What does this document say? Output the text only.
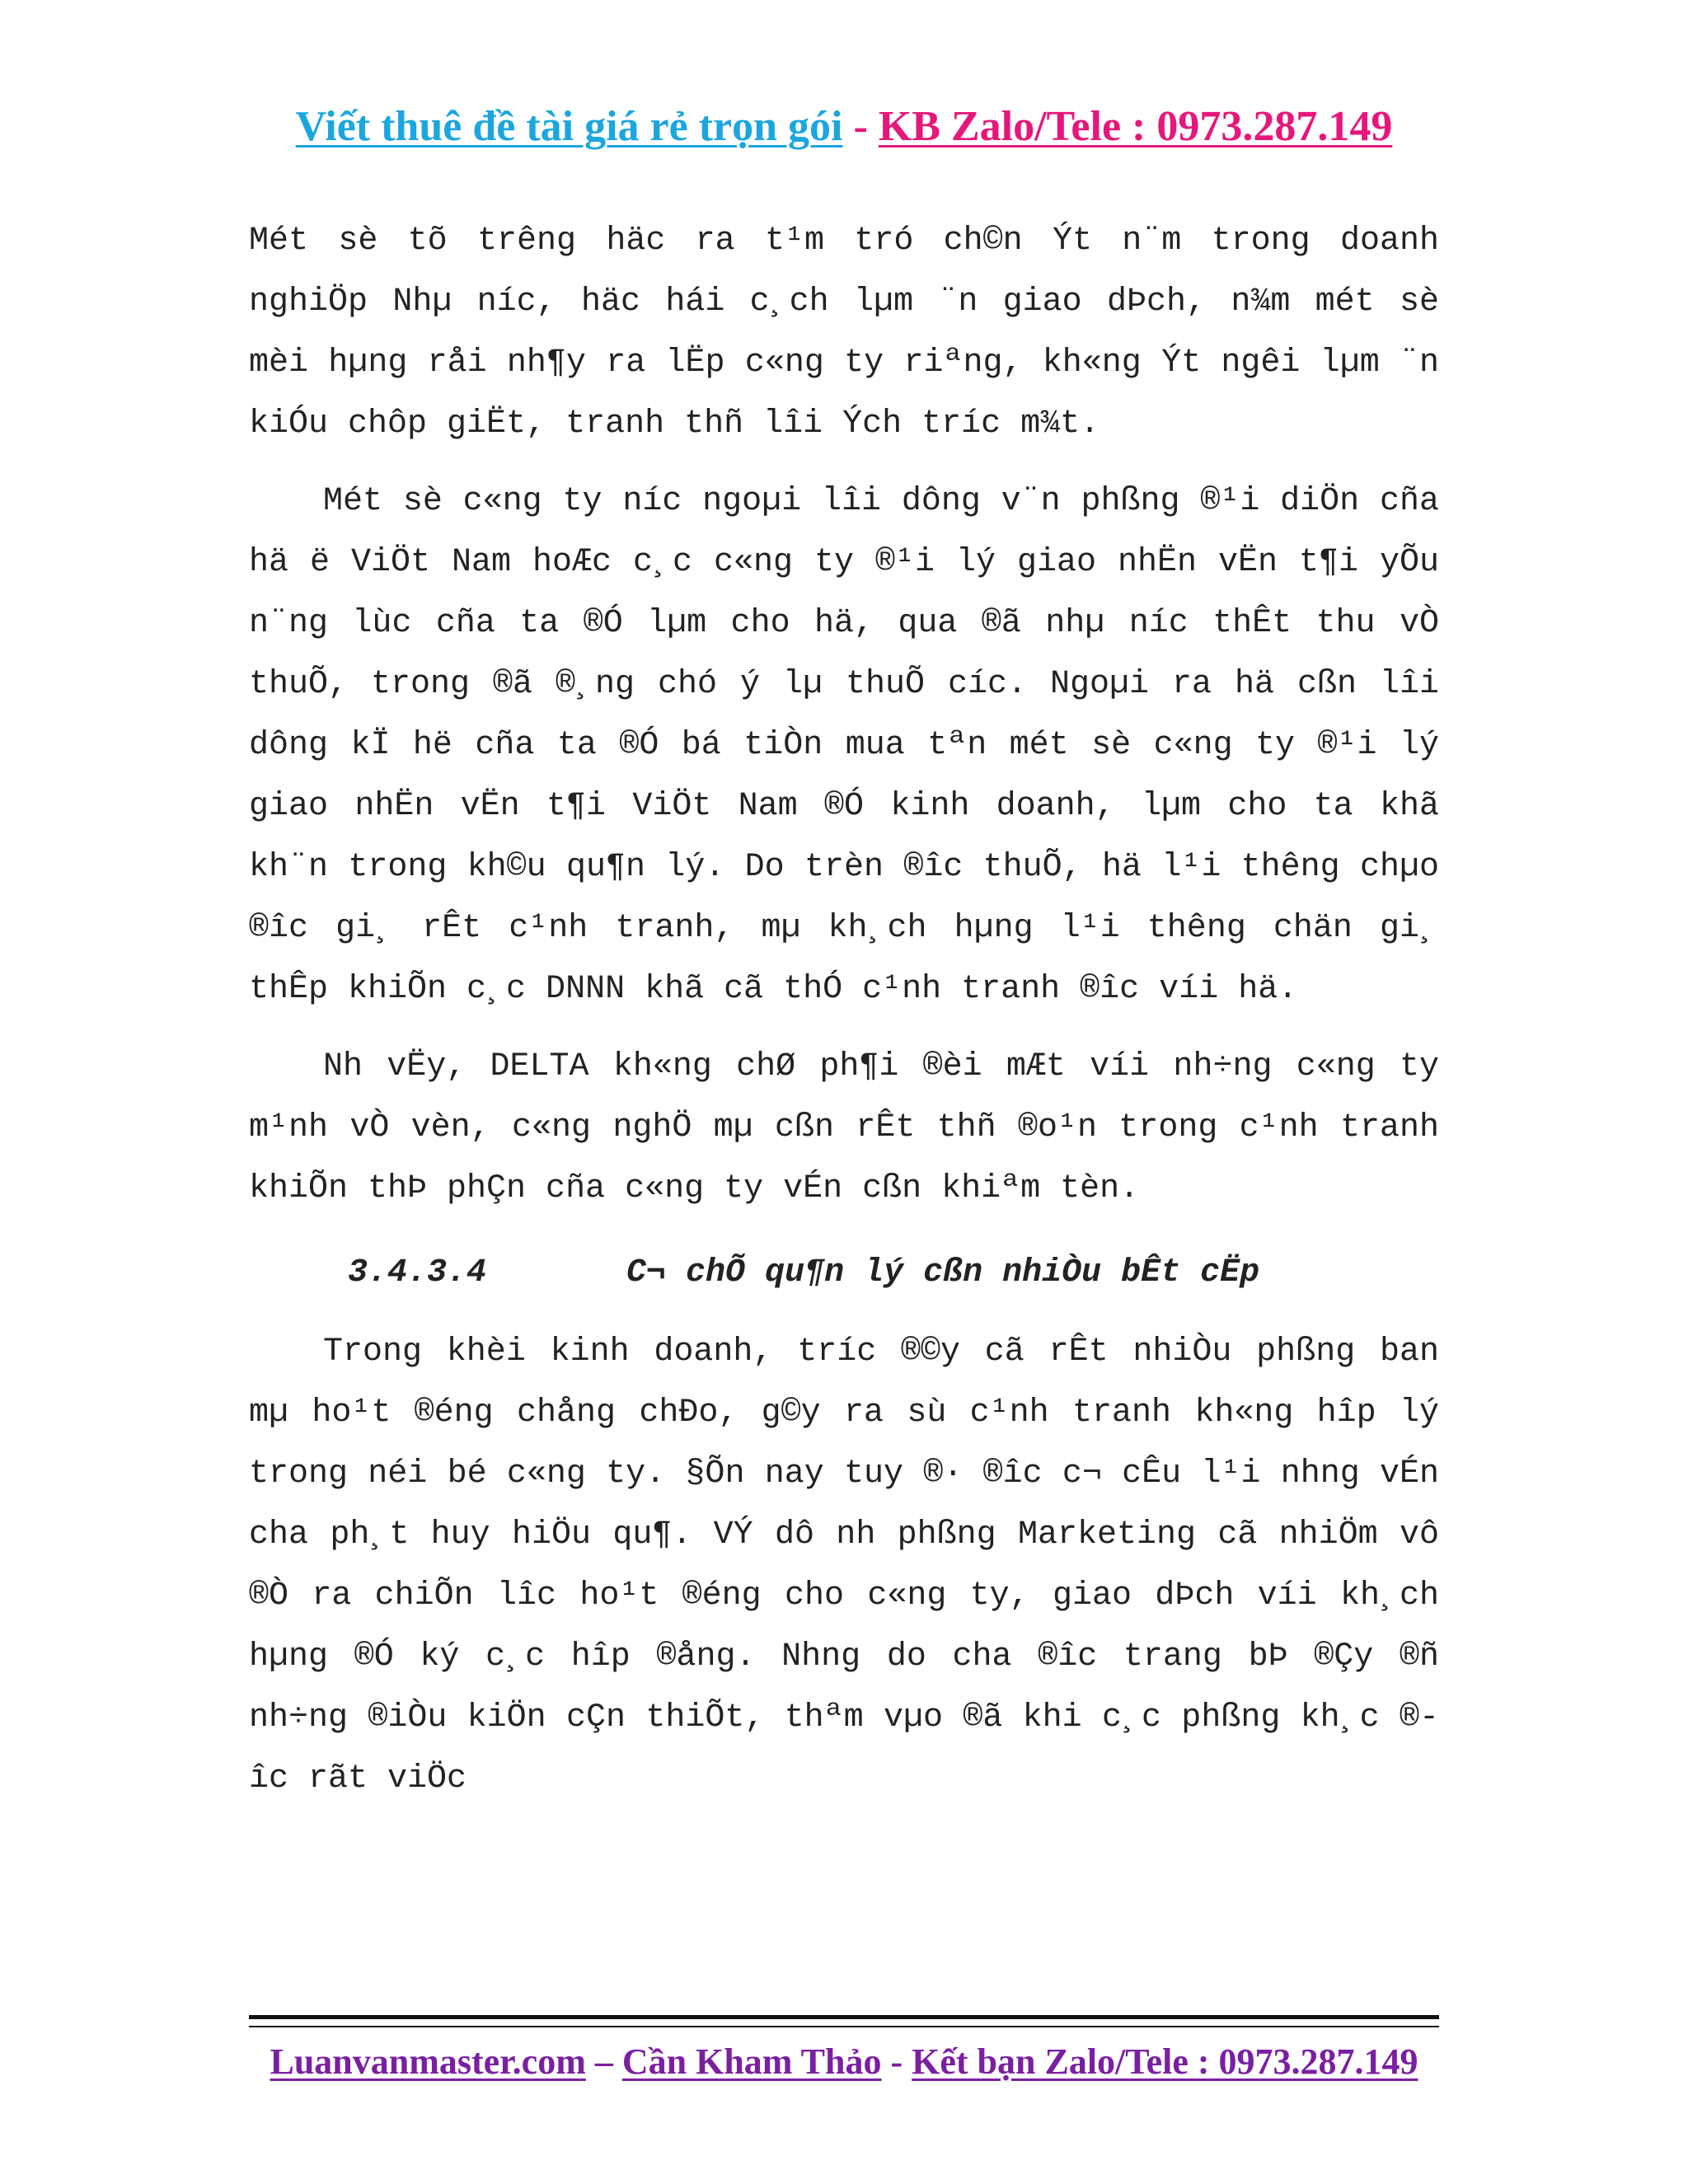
Viết thuê đề tài giá rẻ trọn gói - KB Zalo/Tele : 0973.287.149

Mét sè tõ trêng häc ra t¹m tró ch©n Ýt n¨m trong doanh nghiÖp Nhµ níc, häc hái c¸ch lµm ¨n giao dÞch, n¾m mét sè mèi hµng råi nh¶y ra lËp c«ng ty riªng, kh«ng Ýt ngêi lµm ¨n kiÓu chôp giËt, tranh thñ lîi Ých tríc m¾t.

Mét sè c«ng ty níc ngoµi lîi dông v¨n phßng ®¹i diÖn cña hä ë ViÖt Nam hoÆc c¸c c«ng ty ®¹i lý giao nhËn vËn t¶i yÕu n¨ng lùc cña ta ®Ó lµm cho hä, qua ®ã nhµ níc thÊt thu vÒ thuÕ, trong ®ã ®¸ng chó ý lµ thuÕ cíc. Ngoµi ra hä cßn lîi dông kÏ hë cña ta ®Ó bá tiÒn mua tªn mét sè c«ng ty ®¹i lý giao nhËn vËn t¶i ViÖt Nam ®Ó kinh doanh, lµm cho ta khã kh¨n trong kh©u qu¶n lý. Do trèn ®îc thuÕ, hä l¹i thêng chµo ®îc gi¸ rÊt c¹nh tranh, mµ kh¸ch hµng l¹i thêng chän gi¸ thÊp khiÕn c¸c DNNN khã cã thÓ c¹nh tranh ®îc víi hä.

Nh vËy, DELTA kh«ng chØ ph¶i ®èi mÆt víi nh÷ng c«ng ty m¹nh vÒ vèn, c«ng nghÖ mµ cßn rÊt thñ ®o¹n trong c¹nh tranh khiÕn thÞ phÇn cña c«ng ty vÉn cßn khiªm tèn.

3.4.3.4	C¬ chÕ qu¶n lý cßn nhiÒu bÊt cËp

Trong khèi kinh doanh, tríc ®©y cã rÊt nhiÒu phßng ban mµ ho¹t ®éng chång chÐo, g©y ra sù c¹nh tranh kh«ng hîp lý trong néi bé c«ng ty. §Õn nay tuy ®· ®îc c¬ cÊu l¹i nhng vÉn cha ph¸t huy hiÖu qu¶. VÝ dô nh phßng Marketing cã nhiÖm vô ®Ò ra chiÕn lîc ho¹t ®éng cho c«ng ty, giao dÞch víi kh¸ch hµng ®Ó ký c¸c hîp ®ång. Nhng do cha ®îc trang bÞ ®Çy ®ñ nh÷ng ®iÒu kiÖn cÇn thiÕt, thªm vµo ®ã khi c¸c phßng kh¸c ®îc rãt viÖc

Luanvanmaster.com – Cần Kham Thảo - Kết bạn Zalo/Tele : 0973.287.149
